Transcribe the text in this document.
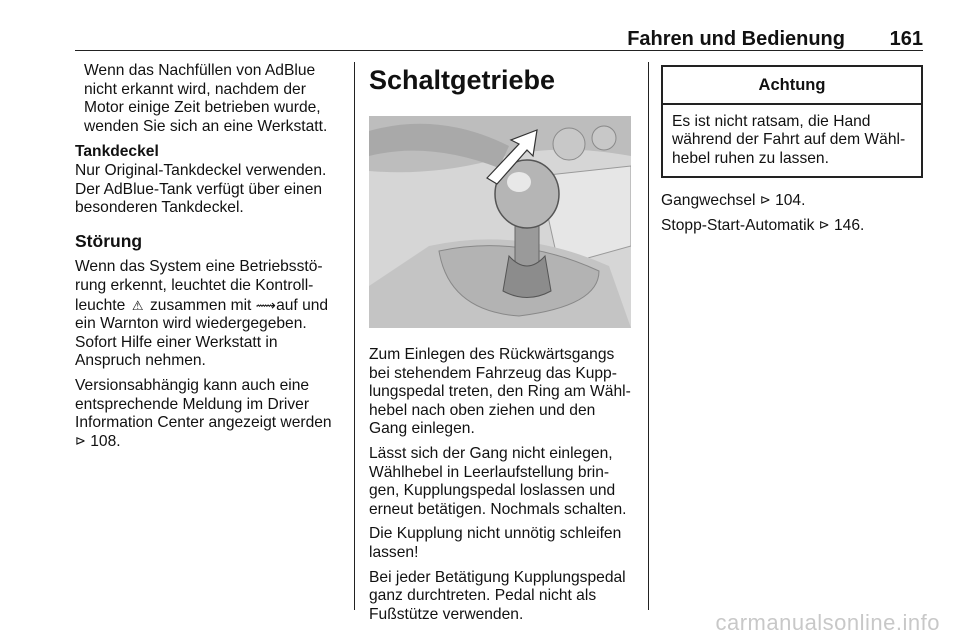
Fahren und Bedienung 161

Wenn das Nachfüllen von AdBlue nicht erkannt wird, nachdem der Motor einige Zeit betrieben wurde, wenden Sie sich an eine Werkstatt.

Tankdeckel

Nur Original-Tankdeckel verwenden. Der AdBlue-Tank verfügt über einen besonderen Tankdeckel.

Störung

Wenn das System eine Betriebsstö-rung erkennt, leuchtet die Kontroll-leuchte ⚠ zusammen mit ⟿ auf und ein Warnton wird wiedergegeben. Sofort Hilfe einer Werkstatt in Anspruch nehmen.

Versionsabhängig kann auch eine entsprechende Meldung im Driver Information Center angezeigt werden
⊳ 108.

Schaltgetriebe

Zum Einlegen des Rückwärtsgangs bei stehendem Fahrzeug das Kupp-lungspedal treten, den Ring am Wähl-hebel nach oben ziehen und den Gang einlegen.

Lässt sich der Gang nicht einlegen, Wählhebel in Leerlaufstellung brin-gen, Kupplungspedal loslassen und erneut betätigen. Nochmals schalten.

Die Kupplung nicht unnötig schleifen lassen!

Bei jeder Betätigung Kupplungspedal ganz durchtreten. Pedal nicht als Fußstütze verwenden.

Achtung
Es ist nicht ratsam, die Hand während der Fahrt auf dem Wähl-hebel ruhen zu lassen.

Gangwechsel ⊳ 104.

Stopp-Start-Automatik ⊳ 146.

carmanualsonline.info
